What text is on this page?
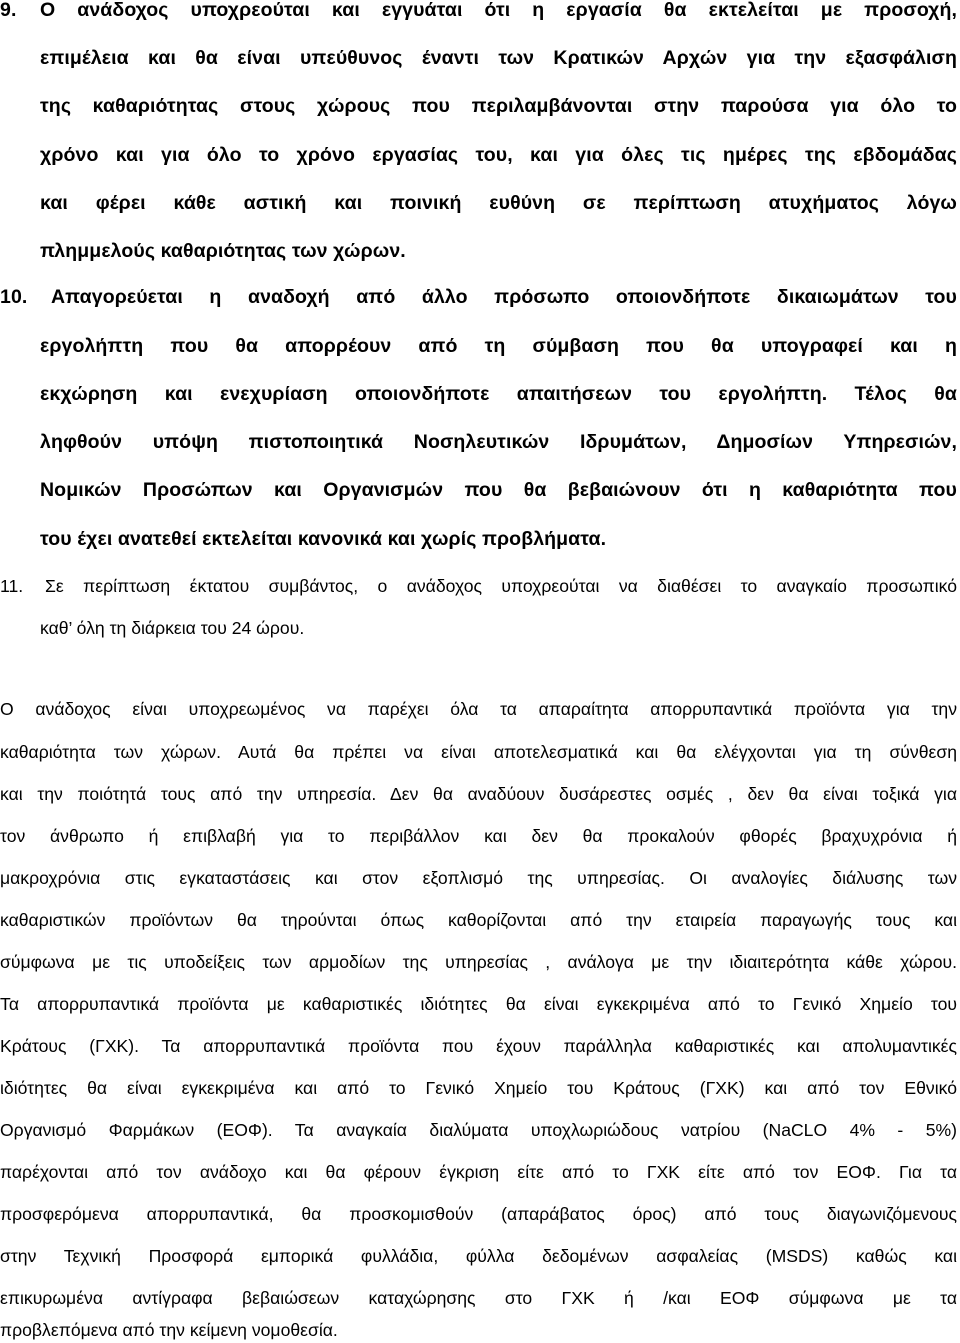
9. Ο ανάδοχος υποχρεούται και εγγυάται ότι η εργασία θα εκτελείται με προσοχή,
επιμέλεια και θα είναι υπεύθυνος έναντι των Κρατικών Αρχών για την εξασφάλιση
της καθαριότητας στους χώρους που περιλαμβάνονται στην παρούσα για όλο το
χρόνο και για όλο το χρόνο εργασίας του, και για όλες τις ημέρες της εβδομάδας
και φέρει κάθε αστική και ποινική ευθύνη σε περίπτωση ατυχήματος λόγω
πλημμελούς καθαριότητας των χώρων.
10. Απαγορεύεται η αναδοχή από άλλο πρόσωπο οποιονδήποτε δικαιωμάτων του
εργολήπτη που θα απορρέουν από τη σύμβαση που θα υπογραφεί και η
εκχώρηση και ενεχυρίαση οποιονδήποτε απαιτήσεων του εργολήπτη. Τέλος θα
ληφθούν υπόψη πιστοποιητικά Νοσηλευτικών Ιδρυμάτων, Δημοσίων Υπηρεσιών,
Νομικών Προσώπων και Οργανισμών που θα βεβαιώνουν ότι η καθαριότητα που
του έχει ανατεθεί εκτελείται κανονικά και χωρίς προβλήματα.
11. Σε περίπτωση έκτατου συμβάντος, ο ανάδοχος υποχρεούται να διαθέσει το αναγκαίο προσωπικό
καθ’ όλη τη διάρκεια του 24 ώρου.
Ο ανάδοχος είναι υποχρεωμένος να παρέχει όλα τα απαραίτητα απορρυπαντικά προϊόντα για την
καθαριότητα των χώρων. Αυτά θα πρέπει να είναι αποτελεσματικά και θα ελέγχονται για τη σύνθεση
και την ποιότητά τους από την υπηρεσία. Δεν θα αναδύουν δυσάρεστες οσμές , δεν θα είναι τοξικά για
τον άνθρωπο ή επιβλαβή για το περιβάλλον και δεν θα προκαλούν φθορές βραχυχρόνια ή
μακροχρόνια στις εγκαταστάσεις και στον εξοπλισμό της υπηρεσίας. Οι αναλογίες διάλυσης των
καθαριστικών προϊόντων θα τηρούνται όπως καθορίζονται από την εταιρεία παραγωγής τους και
σύμφωνα με τις υποδείξεις των αρμοδίων της υπηρεσίας , ανάλογα με την ιδιαιτερότητα κάθε χώρου.
Τα απορρυπαντικά προϊόντα με καθαριστικές ιδιότητες θα είναι εγκεκριμένα από το Γενικό Χημείο του
Κράτους (ΓΧΚ). Τα απορρυπαντικά προϊόντα που έχουν παράλληλα καθαριστικές και απολυμαντικές
ιδιότητες θα είναι εγκεκριμένα και από το Γενικό Χημείο του Κράτους (ΓΧΚ) και από τον Εθνικό
Οργανισμό Φαρμάκων (ΕΟΦ). Τα αναγκαία διαλύματα υποχλωριώδους νατρίου (NaCLO 4% - 5%)
παρέχονται από τον ανάδοχο και θα φέρουν έγκριση είτε από το ΓΧΚ είτε από τον ΕΟΦ. Για τα
προσφερόμενα απορρυπαντικά, θα προσκομισθούν (απαράβατος όρος) από τους διαγωνιζόμενους
στην Τεχνική Προσφορά εμπορικά φυλλάδια, φύλλα δεδομένων ασφαλείας (MSDS) καθώς και
επικυρωμένα αντίγραφα βεβαιώσεων καταχώρησης στο ΓΧΚ ή /και ΕΟΦ σύμφωνα με τα
προβλεπόμενα από την κείμενη νομοθεσία.
